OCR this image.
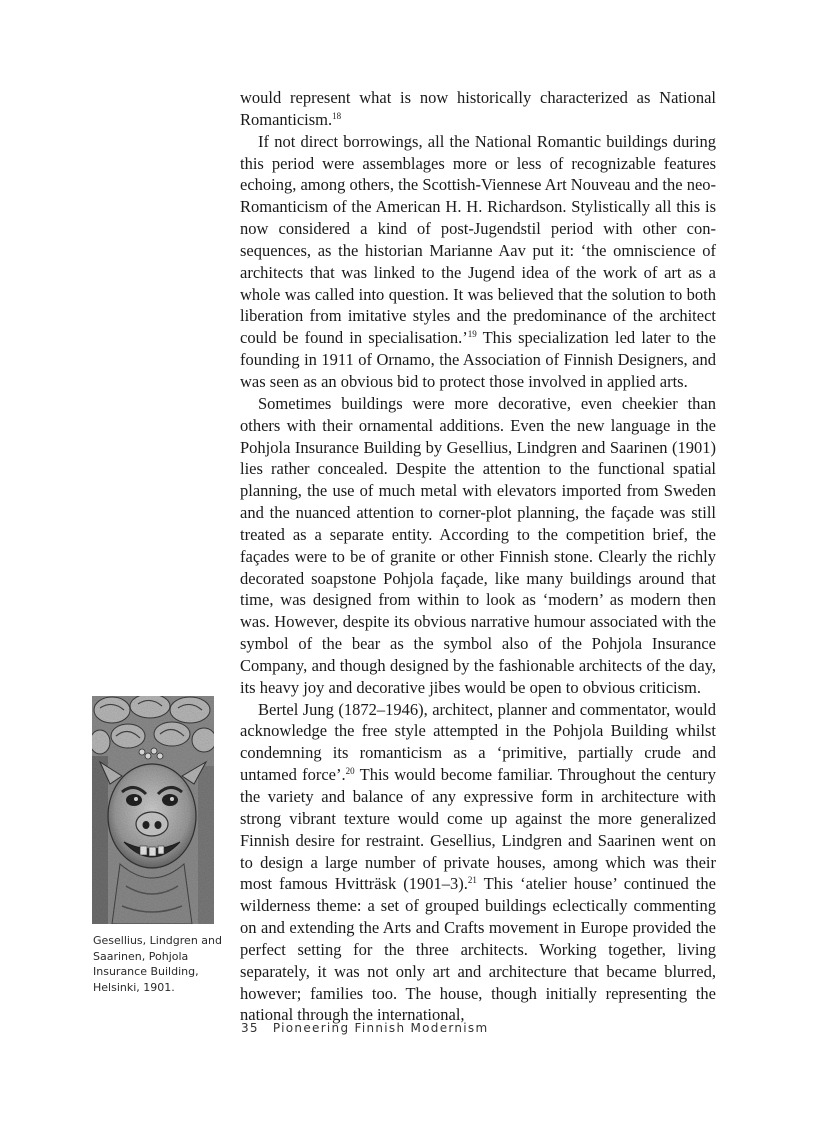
would represent what is now historically characterized as National Romanticism.$^{18}$

If not direct borrowings, all the National Romantic buildings during this period were assemblages more or less of recognizable features echoing, among others, the Scottish-Viennese Art Nouveau and the neo-Romanticism of the American H. H. Richardson. Stylistically all this is now considered a kind of post-Jugendstil period with other consequences, as the historian Marianne Aav put it: ‘the omniscience of architects that was linked to the Jugend idea of the work of art as a whole was called into question. It was believed that the solution to both liberation from imitative styles and the predominance of the architect could be found in specialisation.’$^{19}$ This specialization led later to the founding in 1911 of Ornamo, the Association of Finnish Designers, and was seen as an obvious bid to protect those involved in applied arts.

Sometimes buildings were more decorative, even cheekier than others with their ornamental additions. Even the new language in the Pohjola Insurance Building by Gesellius, Lindgren and Saarinen (1901) lies rather concealed. Despite the attention to the functional spatial planning, the use of much metal with elevators imported from Sweden and the nuanced attention to corner-plot planning, the façade was still treated as a separate entity. According to the competition brief, the façades were to be of granite or other Finnish stone. Clearly the richly decorated soapstone Pohjola façade, like many buildings around that time, was designed from within to look as ‘modern’ as modern then was. However, despite its obvious narrative humour associated with the symbol of the bear as the symbol also of the Pohjola Insurance Company, and though designed by the fashionable architects of the day, its heavy joy and decorative jibes would be open to obvious criticism.

Bertel Jung (1872–1946), architect, planner and commentator, would acknowledge the free style attempted in the Pohjola Building whilst condemning its romanticism as a ‘primitive, partially crude and untamed force’.$^{20}$ This would become familiar. Throughout the century the variety and balance of any expressive form in architecture with strong vibrant texture would come up against the more generalized Finnish desire for restraint. Gesellius, Lindgren and Saarinen went on to design a large number of private houses, among which was their most famous Hvitträsk (1901–3).$^{21}$ This ‘atelier house’ continued the wilderness theme: a set of grouped buildings eclectically commenting on and extending the Arts and Crafts movement in Europe provided the perfect setting for the three architects. Working together, living separately, it was not only art and architecture that became blurred, however; families too. The house, though initially representing the national through the international,

Gesellius, Lindgren and Saarinen, Pohjola Insurance Building, Helsinki, 1901.

35 Pioneering Finnish Modernism
